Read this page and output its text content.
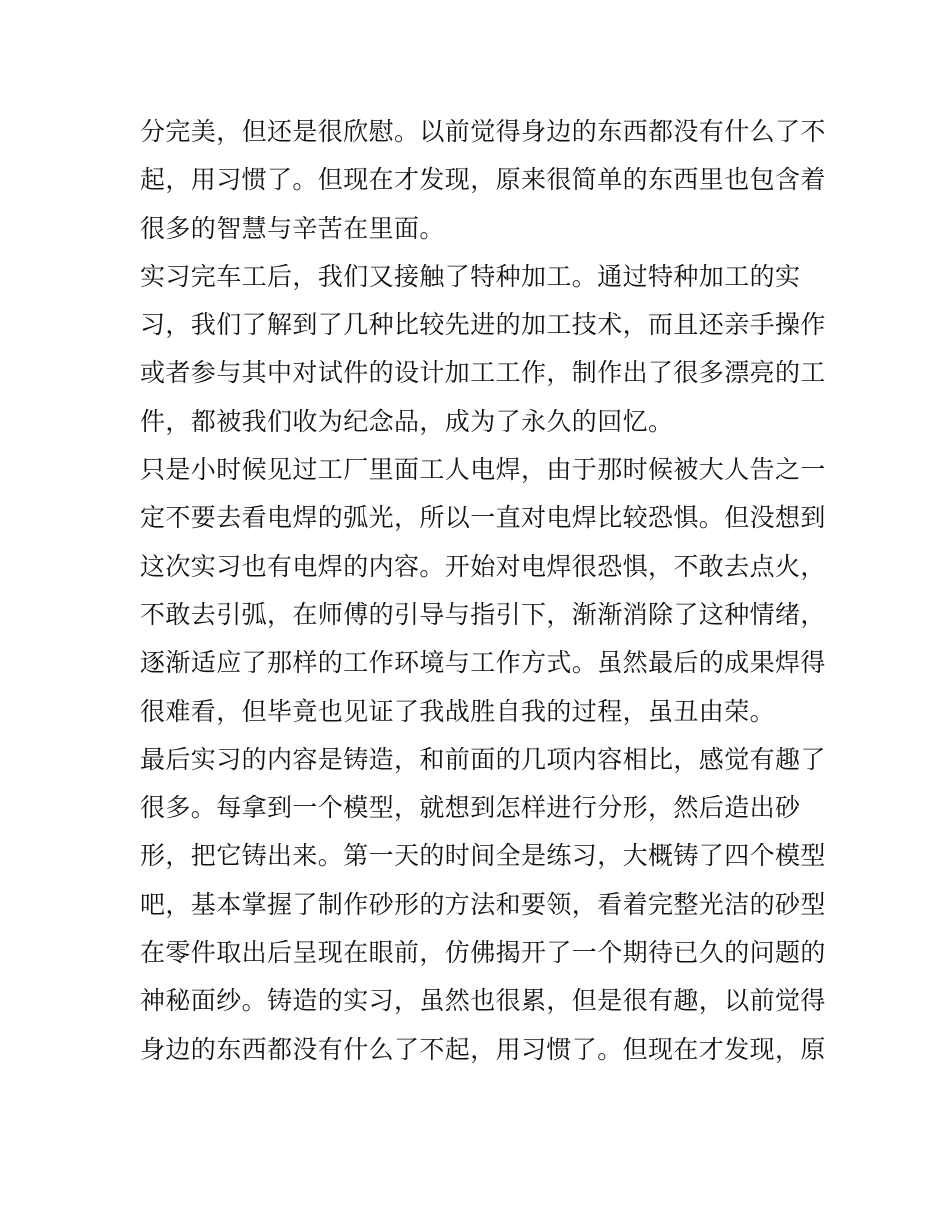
分完美，但还是很欣慰。以前觉得身边的东西都没有什么了不
起，用习惯了。但现在才发现，原来很简单的东西里也包含着
很多的智慧与辛苦在里面。
实习完车工后，我们又接触了特种加工。通过特种加工的实
习，我们了解到了几种比较先进的加工技术，而且还亲手操作
或者参与其中对试件的设计加工工作，制作出了很多漂亮的工
件，都被我们收为纪念品，成为了永久的回忆。
只是小时候见过工厂里面工人电焊，由于那时候被大人告之一
定不要去看电焊的弧光，所以一直对电焊比较恐惧。但没想到
这次实习也有电焊的内容。开始对电焊很恐惧，不敢去点火，
不敢去引弧，在师傅的引导与指引下，渐渐消除了这种情绪，
逐渐适应了那样的工作环境与工作方式。虽然最后的成果焊得
很难看，但毕竟也见证了我战胜自我的过程，虽丑由荣。
最后实习的内容是铸造，和前面的几项内容相比，感觉有趣了
很多。每拿到一个模型，就想到怎样进行分形，然后造出砂
形，把它铸出来。第一天的时间全是练习，大概铸了四个模型
吧，基本掌握了制作砂形的方法和要领，看着完整光洁的砂型
在零件取出后呈现在眼前，仿佛揭开了一个期待已久的问题的
神秘面纱。铸造的实习，虽然也很累，但是很有趣，以前觉得
身边的东西都没有什么了不起，用习惯了。但现在才发现，原
